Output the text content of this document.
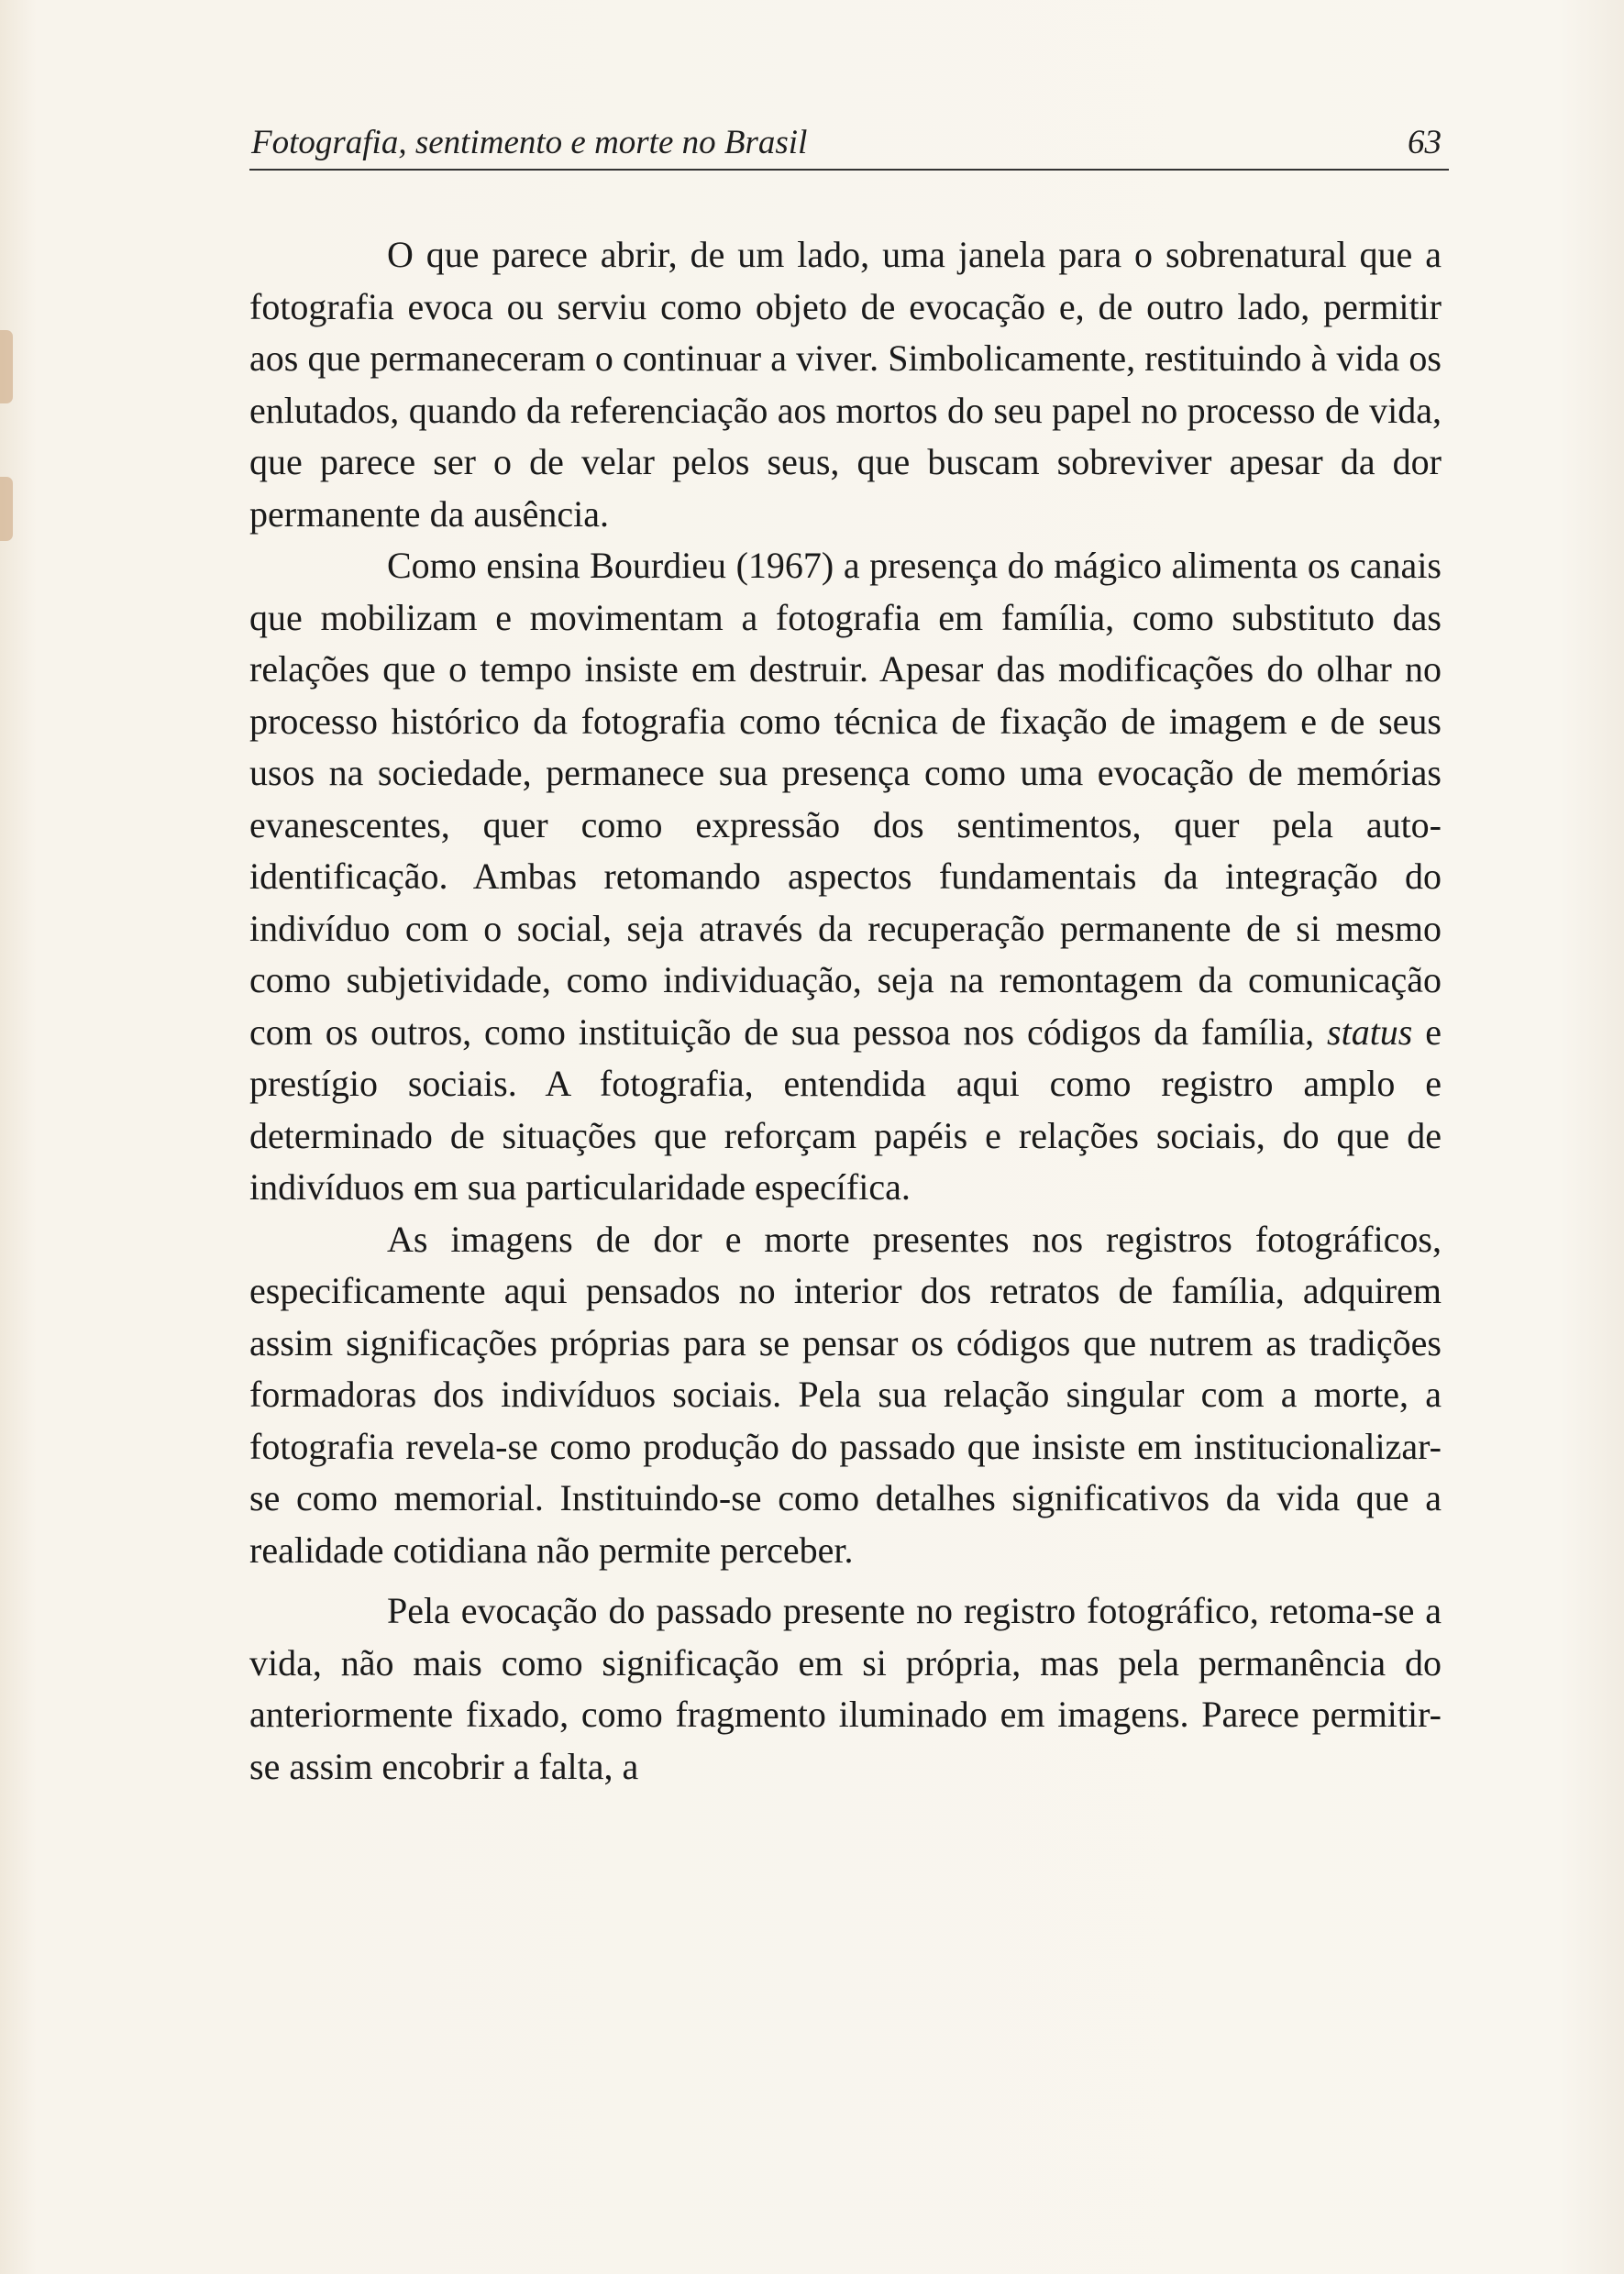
Fotografia, sentimento e morte no Brasil	63

O que parece abrir, de um lado, uma janela para o sobrenatural que a fotografia evoca ou serviu como objeto de evocação e, de outro lado, permitir aos que permaneceram o continuar a viver. Simbolicamente, restituindo à vida os enlutados, quando da referenciação aos mortos do seu papel no processo de vida, que parece ser o de velar pelos seus, que buscam sobreviver apesar da dor permanente da ausência.

Como ensina Bourdieu (1967) a presença do mágico alimenta os canais que mobilizam e movimentam a fotografia em família, como substituto das relações que o tempo insiste em destruir. Apesar das modificações do olhar no processo histórico da fotografia como técnica de fixação de imagem e de seus usos na sociedade, permanece sua presença como uma evocação de memórias evanescentes, quer como expressão dos sentimentos, quer pela auto-identificação. Ambas retomando aspectos fundamentais da integração do indivíduo com o social, seja através da recuperação permanente de si mesmo como subjetividade, como individuação, seja na remontagem da comunicação com os outros, como instituição de sua pessoa nos códigos da família, status e prestígio sociais. A fotografia, entendida aqui como registro amplo e determinado de situações que reforçam papéis e relações sociais, do que de indivíduos em sua particularidade específica.

As imagens de dor e morte presentes nos registros fotográficos, especificamente aqui pensados no interior dos retratos de família, adquirem assim significações próprias para se pensar os códigos que nutrem as tradições formadoras dos indivíduos sociais. Pela sua relação singular com a morte, a fotografia revela-se como produção do passado que insiste em institucionalizar-se como memorial. Instituindo-se como detalhes significativos da vida que a realidade cotidiana não permite perceber.

Pela evocação do passado presente no registro fotográfico, retoma-se a vida, não mais como significação em si própria, mas pela permanência do anteriormente fixado, como fragmento iluminado em imagens. Parece permitir-se assim encobrir a falta, a
